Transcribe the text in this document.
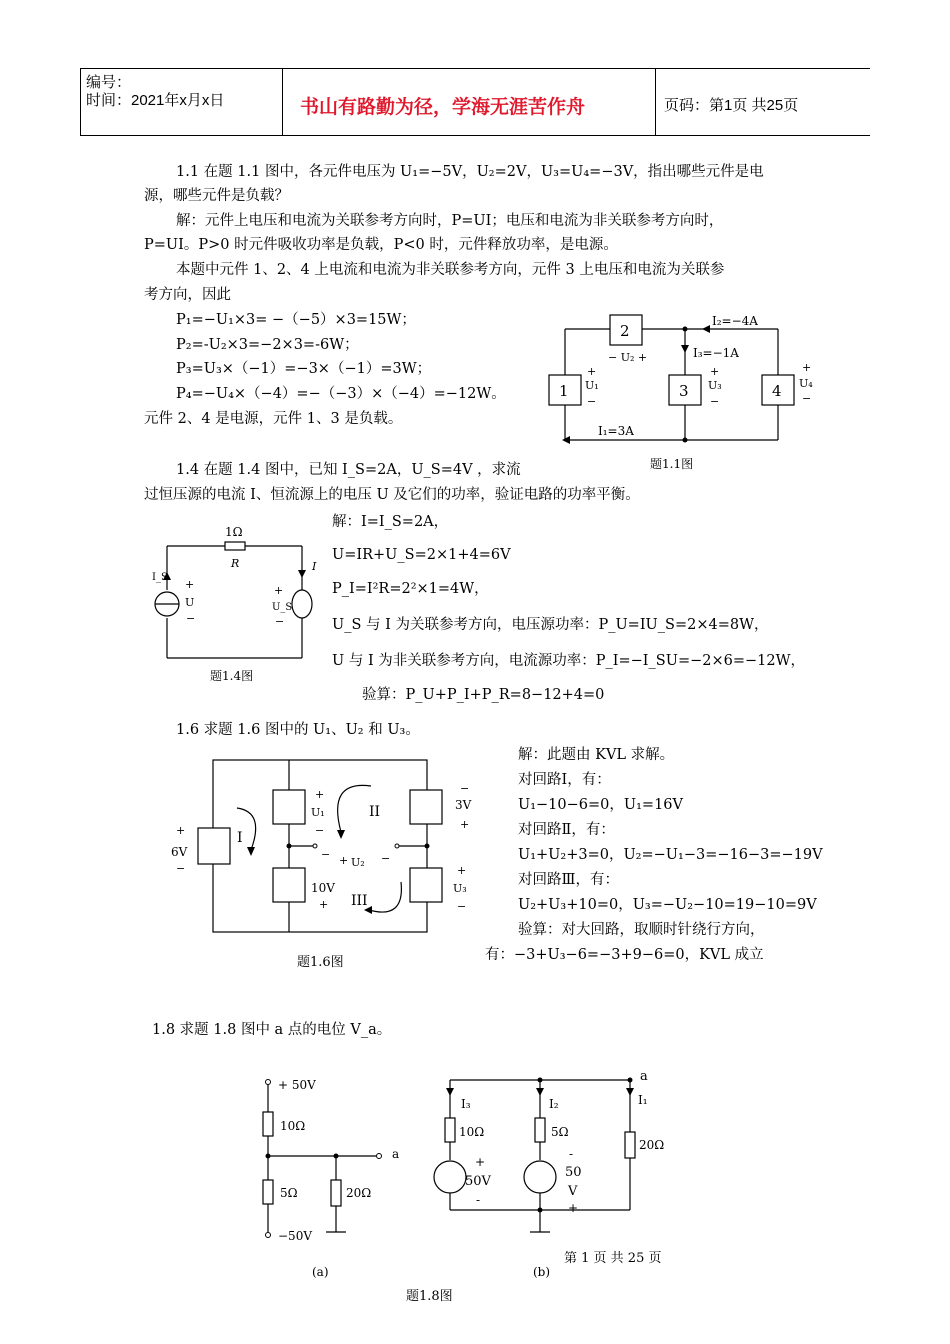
编号：
时间：2021年x月x日	书山有路勤为径，学海无涯苦作舟	页码：第1页 共25页
1.1 在题 1.1 图中，各元件电压为 U₁=−5V，U₂=2V，U₃=U₄=−3V，指出哪些元件是电
源，哪些元件是负载？
解：元件上电压和电流为关联参考方向时，P=UI；电压和电流为非关联参考方向时，
P=UI。P>0 时元件吸收功率是负载，P<0 时，元件释放功率，是电源。
本题中元件 1、2、4 上电流和电流为非关联参考方向，元件 3 上电压和电流为关联参
考方向，因此
P₁=−U₁×3= −（−5）×3=15W；
P₂=-U₂×3=−2×3=-6W；
P₃=U₃×（−1）=−3×（−1）=3W；
P₄=−U₄×（−4）=−（−3）×（−4）=−12W。
元件 2、4 是电源，元件 1、3 是负载。
2
1	3	4
I₂=−4A
I₃=−1A
I₁=3A
− U₂ +
+
U₁
−
+
U₃
−
+
U₄
−
题1.1图
1.4 在题 1.4 图中，已知 I_S=2A，U_S=4V ，求流
过恒压源的电流 I、恒流源上的电压 U 及它们的功率，验证电路的功率平衡。
解：I=I_S=2A，
U=IR+U_S=2×1+4=6V
P_I=I²R=2²×1=4W，
U_S 与 I 为关联参考方向，电压源功率：P_U=IU_S=2×4=8W，
U 与 I 为非关联参考方向，电流源功率：P_I=−I_SU=−2×6=−12W，
验算：P_U+P_I+P_R=8−12+4=0
1Ω
R
I_S
I
+
U
−
+
U_S
−
题1.4图
1.6 求题 1.6 图中的 U₁、U₂ 和 U₃。
解：此题由 KVL 求解。
对回路Ⅰ，有：
U₁−10−6=0，U₁=16V
对回路Ⅱ，有：
U₁+U₂+3=0，U₂=−U₁−3=−16−3=−19V
对回路Ⅲ，有：
U₂+U₃+10=0，U₃=−U₂−10=19−10=9V
验算：对大回路，取顺时针绕行方向，
有：−3+U₃−6=−3+9−6=0，KVL 成立
+
6V
−
+
U₁
−
10V
+
−
3V
+
+
U₃
−
− + U₂ −
I
II
III
题1.6图
1.8 求题 1.8 图中 a 点的电位 V_a。
+ 50V
10Ω
5Ω	20Ω
a
−50V
(a)
a
I₃	I₂	I₁
10Ω	5Ω
20Ω
+
50V
-
-
50
V
+
(b)
第 1 页 共 25 页
题1.8图
